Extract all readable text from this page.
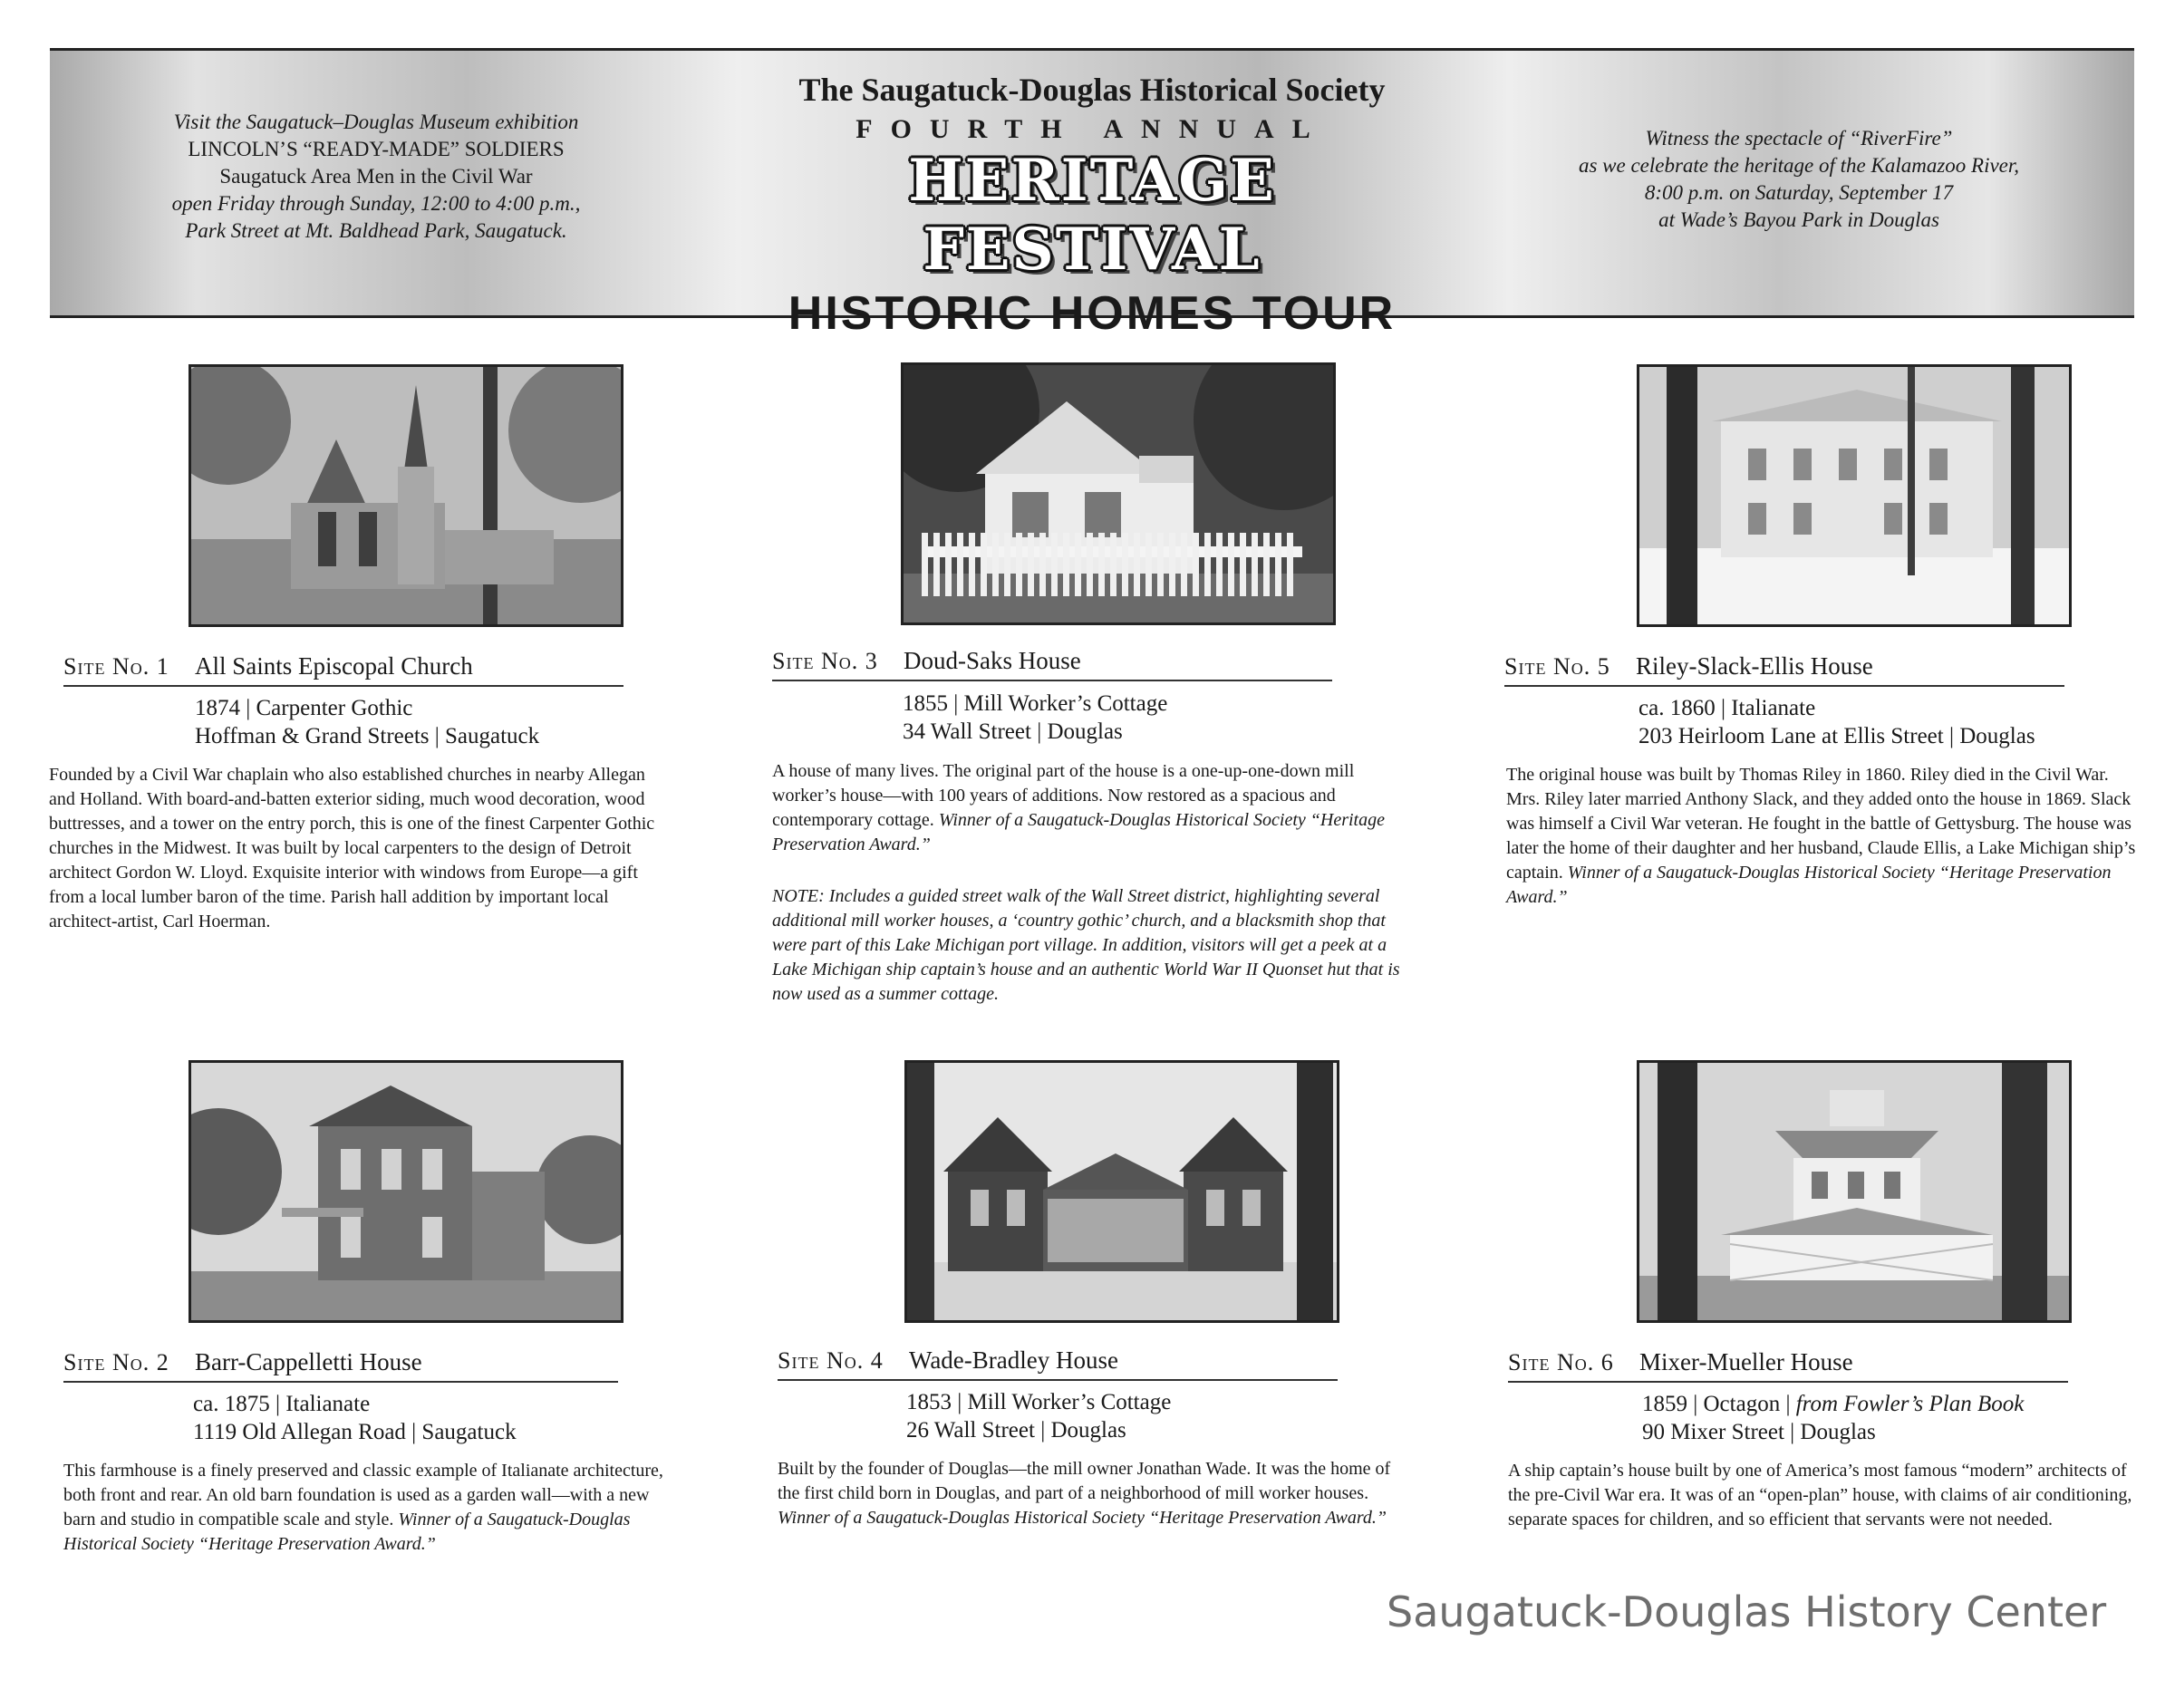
Visit the Saugatuck–Douglas Museum exhibition
LINCOLN’S “READY-MADE” SOLDIERS
Saugatuck Area Men in the Civil War
open Friday through Sunday, 12:00 to 4:00 p.m.,
Park Street at Mt. Baldhead Park, Saugatuck.
The Saugatuck-Douglas Historical Society
FOURTH ANNUAL
HERITAGE FESTIVAL
HISTORIC HOMES TOUR
Witness the spectacle of “RiverFire”
as we celebrate the heritage of the Kalamazoo River,
8:00 p.m. on Saturday, September 17
at Wade’s Bayou Park in Douglas
Site No. 1	All Saints Episcopal Church
1874 | Carpenter Gothic
Hoffman & Grand Streets | Saugatuck
Founded by a Civil War chaplain who also established churches in nearby Allegan and Holland. With board-and-batten exterior siding, much wood decoration, wood buttresses, and a tower on the entry porch, this is one of the finest Carpenter Gothic churches in the Midwest. It was built by local carpenters to the design of Detroit architect Gordon W. Lloyd. Exquisite interior with windows from Europe—a gift from a local lumber baron of the time. Parish hall addition by important local architect-artist, Carl Hoerman.
Site No. 3	Doud-Saks House
1855 | Mill Worker’s Cottage
34 Wall Street | Douglas
A house of many lives. The original part of the house is a one-up-one-down mill worker’s house—with 100 years of additions. Now restored as a spacious and contemporary cottage. Winner of a Saugatuck-Douglas Historical Society “Heritage Preservation Award.”
NOTE: Includes a guided street walk of the Wall Street district, highlighting several additional mill worker houses, a ‘country gothic’ church, and a blacksmith shop that were part of this Lake Michigan port village. In addition, visitors will get a peek at a Lake Michigan ship captain’s house and an authentic World War II Quonset hut that is now used as a summer cottage.
Site No. 5	Riley-Slack-Ellis House
ca. 1860 | Italianate
203 Heirloom Lane at Ellis Street | Douglas
The original house was built by Thomas Riley in 1860. Riley died in the Civil War. Mrs. Riley later married Anthony Slack, and they added onto the house in 1869. Slack was himself a Civil War veteran. He fought in the battle of Gettysburg. The house was later the home of their daughter and her husband, Claude Ellis, a Lake Michigan ship’s captain. Winner of a Saugatuck-Douglas Historical Society “Heritage Preservation Award.”
Site No. 2	Barr-Cappelletti House
ca. 1875 | Italianate
1119 Old Allegan Road | Saugatuck
This farmhouse is a finely preserved and classic example of Italianate architecture, both front and rear. An old barn foundation is used as a garden wall—with a new barn and studio in compatible scale and style. Winner of a Saugatuck-Douglas Historical Society “Heritage Preservation Award.”
Site No. 4	Wade-Bradley House
1853 | Mill Worker’s Cottage
26 Wall Street | Douglas
Built by the founder of Douglas—the mill owner Jonathan Wade. It was the home of the first child born in Douglas, and part of a neighborhood of mill worker houses. Winner of a Saugatuck-Douglas Historical Society “Heritage Preservation Award.”
Site No. 6	Mixer-Mueller House
1859 | Octagon | from Fowler’s Plan Book
90 Mixer Street | Douglas
A ship captain’s house built by one of America’s most famous “modern” architects of the pre-Civil War era. It was of an “open-plan” house, with claims of air conditioning, separate spaces for children, and so efficient that servants were not needed.
Saugatuck-Douglas History Center
